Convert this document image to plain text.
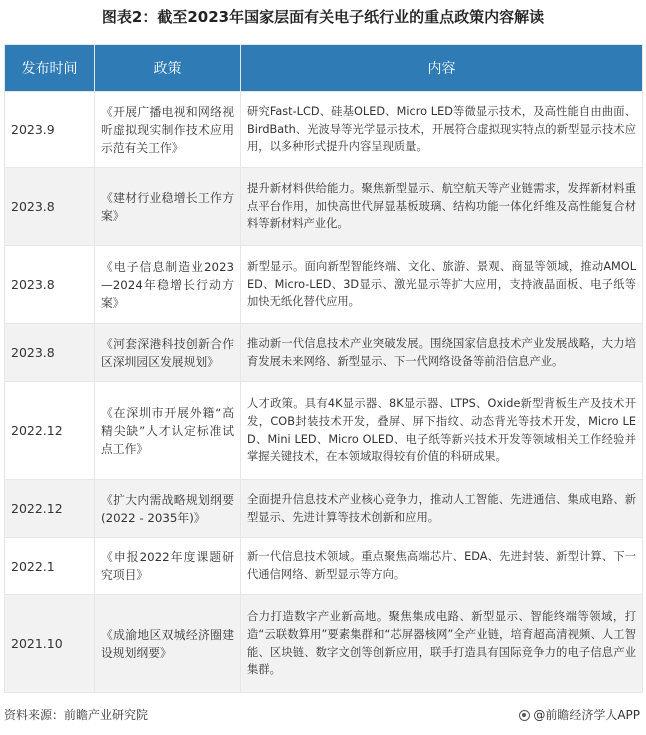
图表2：截至2023年国家层面有关电子纸行业的重点政策内容解读
发布时间	政策	内容
2023.9	《开展广播电视和网络视听虚拟现实制作技术应用示范有关工作》	研究Fast-LCD、硅基OLED、Micro LED等微显示技术，及高性能自由曲面、BirdBath、光波导等光学显示技术，开展符合虚拟现实特点的新型显示技术应用，以多种形式提升内容呈现质量。
2023.8	《建材行业稳增长工作方案》	提升新材料供给能力。聚焦新型显示、航空航天等产业链需求，发挥新材料重点平台作用，加快高世代屏显基板玻璃、结构功能一体化纤维及高性能复合材料等新材料产业化。
2023.8	《电子信息制造业2023—2024年稳增长行动方案》	新型显示。面向新型智能终端、文化、旅游、景观、商显等领域，推动AMOLED、Micro-LED、3D显示、激光显示等扩大应用，支持液晶面板、电子纸等加快无纸化替代应用。
2023.8	《河套深港科技创新合作区深圳园区发展规划》	推动新一代信息技术产业突破发展。围绕国家信息技术产业发展战略，大力培育发展未来网络、新型显示、下一代网络设备等前沿信息产业。
2022.12	《在深圳市开展外籍“高精尖缺”人才认定标准试点工作》	人才政策。具有4K显示器、8K显示器、LTPS、Oxide新型背板生产及技术开发，COB封装技术开发，叠屏、屏下指纹、动态背光等技术开发，Micro LED、Mini LED、Micro OLED、电子纸等新兴技术开发等领域相关工作经验并掌握关键技术，在本领域取得较有价值的科研成果。
2022.12	《扩大内需战略规划纲要(2022 - 2035年)》	全面提升信息技术产业核心竞争力，推动人工智能、先进通信、集成电路、新型显示、先进计算等技术创新和应用。
2022.1	《申报2022年度课题研究项目》	新一代信息技术领域。重点聚焦高端芯片、EDA、先进封装、新型计算、下一代通信网络、新型显示等方向。
2021.10	《成渝地区双城经济圈建设规划纲要》	合力打造数字产业新高地。聚焦集成电路、新型显示、智能终端等领域，打造“云联数算用”要素集群和“芯屏器核网”全产业链，培育超高清视频、人工智能、区块链、数字文创等创新应用，联手打造具有国际竞争力的电子信息产业集群。
资料来源：前瞻产业研究院	@前瞻经济学人APP
